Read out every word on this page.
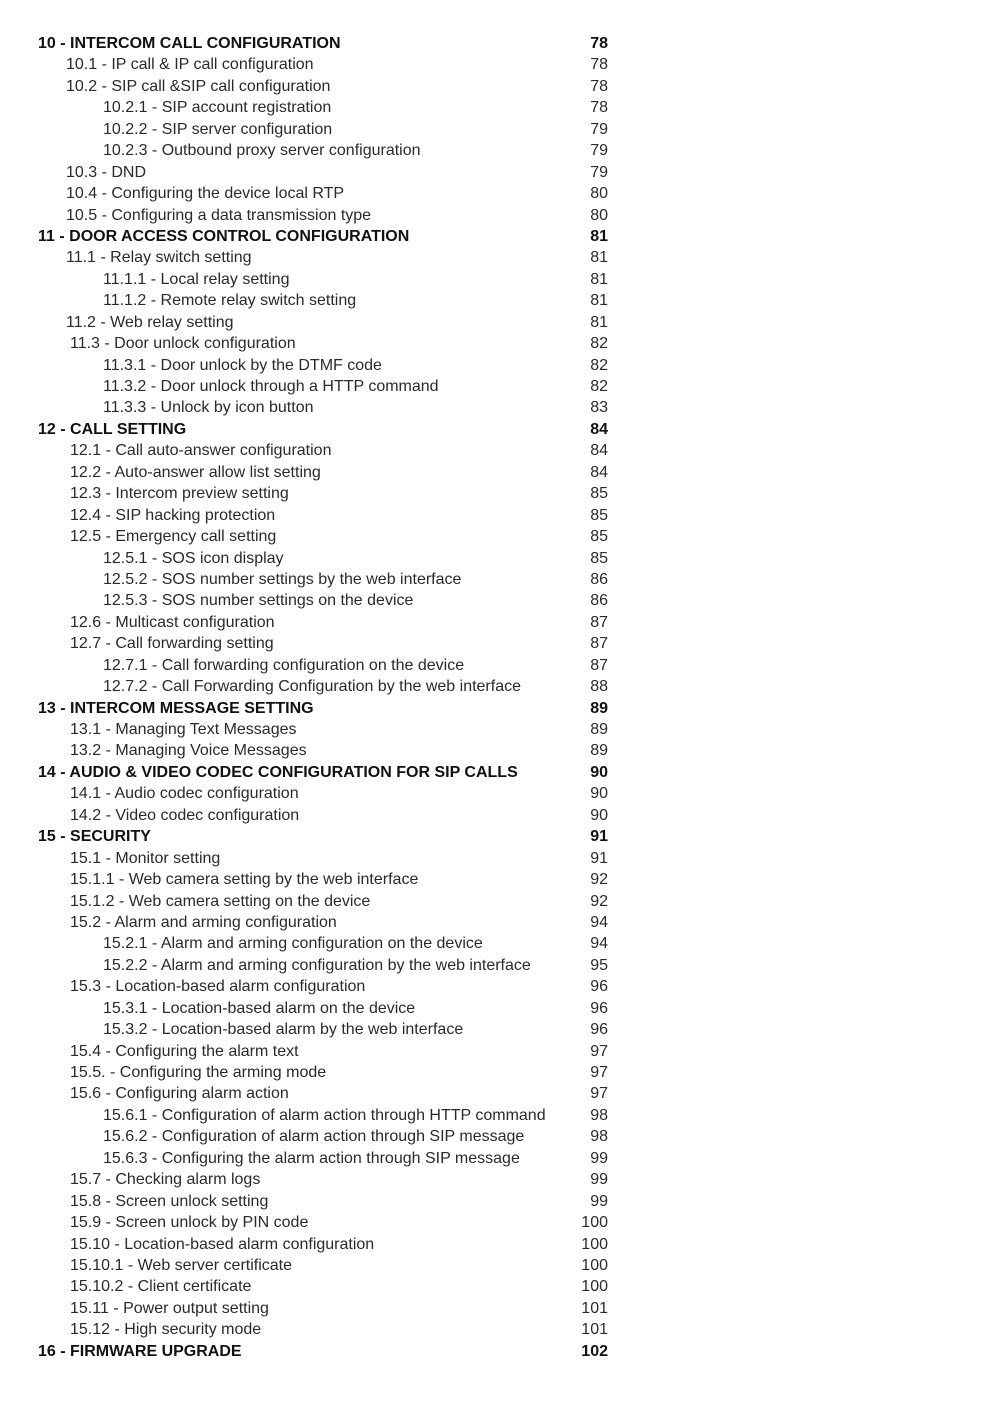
10 - INTERCOM CALL CONFIGURATION	78
10.1 - IP call & IP call configuration	78
10.2 - SIP call &SIP call configuration	78
10.2.1 - SIP account registration	78
10.2.2 - SIP server configuration	79
10.2.3 - Outbound proxy server configuration	79
10.3 - DND	79
10.4 - Configuring the device local RTP	80
10.5 - Configuring a data transmission type	80
11 - DOOR ACCESS CONTROL CONFIGURATION	81
11.1 - Relay switch setting	81
11.1.1 - Local relay setting	81
11.1.2 - Remote relay switch setting	81
11.2 - Web relay setting	81
11.3 - Door unlock configuration	82
11.3.1 - Door unlock by the DTMF code	82
11.3.2 - Door unlock through a HTTP command	82
11.3.3 - Unlock by icon button	83
12 - CALL SETTING	84
12.1 - Call auto-answer configuration	84
12.2 - Auto-answer allow list setting	84
12.3 - Intercom preview setting	85
12.4 - SIP hacking protection	85
12.5 - Emergency call setting	85
12.5.1 - SOS icon display	85
12.5.2 - SOS number settings by the web interface	86
12.5.3 - SOS number settings on the device	86
12.6 - Multicast configuration	87
12.7 - Call forwarding setting	87
12.7.1 - Call forwarding configuration on the device	87
12.7.2 - Call Forwarding Configuration by the web interface	88
13 - INTERCOM MESSAGE SETTING	89
13.1 - Managing Text Messages	89
13.2 - Managing Voice Messages	89
14 - AUDIO & VIDEO CODEC CONFIGURATION FOR SIP CALLS	90
14.1 - Audio codec configuration	90
14.2 - Video codec configuration	90
15 - SECURITY	91
15.1 - Monitor setting	91
15.1.1 - Web camera setting by the web interface	92
15.1.2 - Web camera setting on the device	92
15.2 - Alarm and arming configuration	94
15.2.1 - Alarm and arming configuration on the device	94
15.2.2 - Alarm and arming configuration by the web interface	95
15.3 - Location-based alarm configuration	96
15.3.1 - Location-based alarm on the device	96
15.3.2 - Location-based alarm by the web interface	96
15.4 - Configuring the alarm text	97
15.5. - Configuring the arming mode	97
15.6 - Configuring alarm action	97
15.6.1 - Configuration of alarm action through HTTP command	98
15.6.2 - Configuration of alarm action through SIP message	98
15.6.3 - Configuring the alarm action through SIP message	99
15.7 - Checking alarm logs	99
15.8 - Screen unlock setting	99
15.9 - Screen unlock by PIN code	100
15.10 - Location-based alarm configuration	100
15.10.1 - Web server certificate	100
15.10.2 - Client certificate	100
15.11 - Power output setting	101
15.12 - High security mode	101
16 - FIRMWARE UPGRADE	102
